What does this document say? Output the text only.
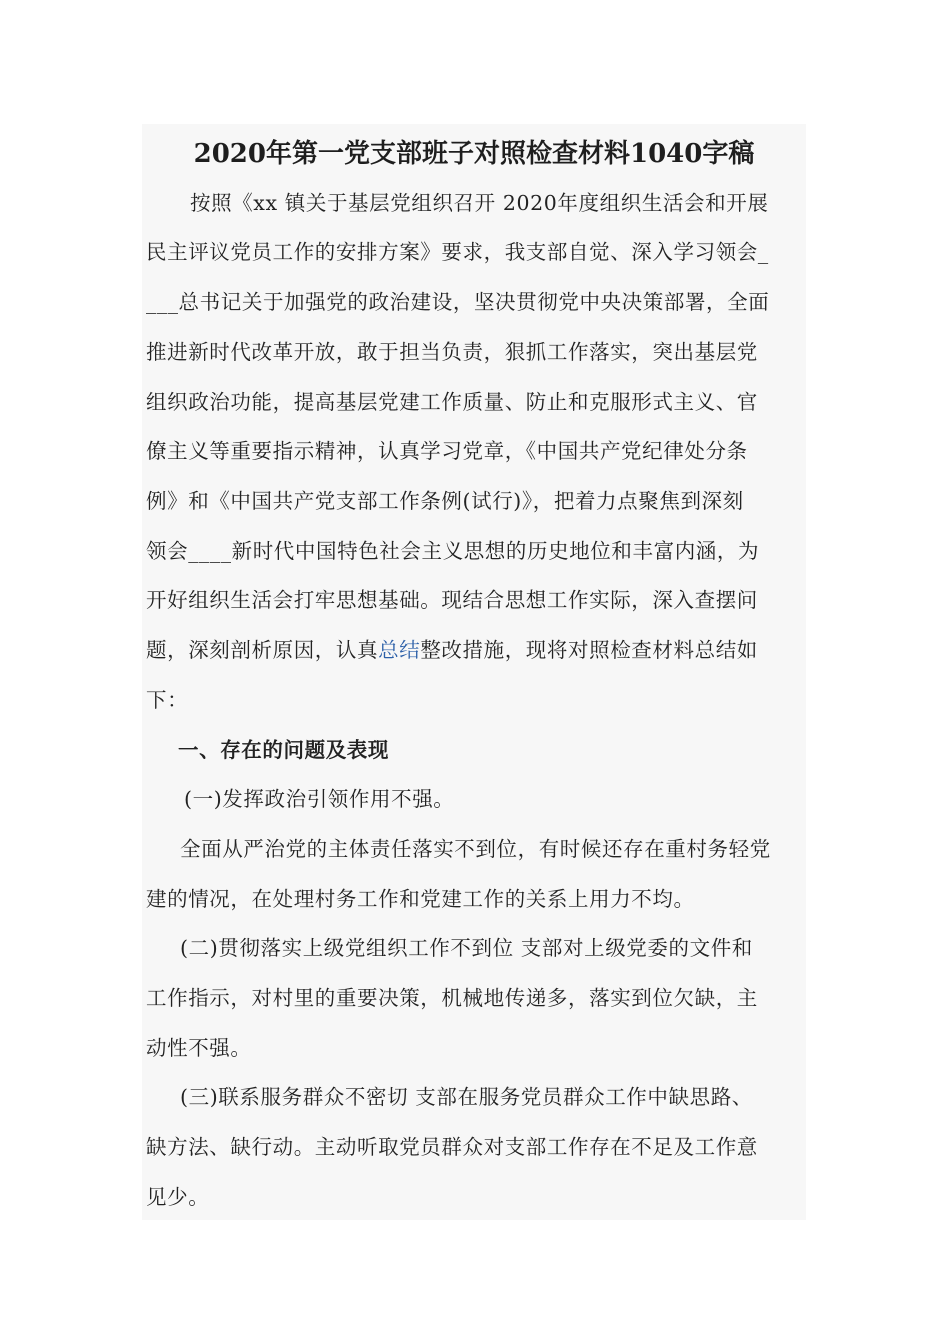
2020年第一党支部班子对照检查材料1040字稿
按照《xx 镇关于基层党组织召开 2020年度组织生活会和开展
民主评议党员工作的安排方案》要求，我支部自觉、深入学习领会_
___总书记关于加强党的政治建设，坚决贯彻党中央决策部署，全面
推进新时代改革开放，敢于担当负责，狠抓工作落实，突出基层党
组织政治功能，提高基层党建工作质量、防止和克服形式主义、官
僚主义等重要指示精神，认真学习党章，《中国共产党纪律处分条
例》和《中国共产党支部工作条例(试行)》，把着力点聚焦到深刻
领会____新时代中国特色社会主义思想的历史地位和丰富内涵，为
开好组织生活会打牢思想基础。现结合思想工作实际，深入查摆问
题，深刻剖析原因，认真总结整改措施，现将对照检查材料总结如
下：
一、存在的问题及表现
(一)发挥政治引领作用不强。
全面从严治党的主体责任落实不到位，有时候还存在重村务轻党
建的情况，在处理村务工作和党建工作的关系上用力不均。
(二)贯彻落实上级党组织工作不到位 支部对上级党委的文件和
工作指示，对村里的重要决策，机械地传递多，落实到位欠缺，主
动性不强。
(三)联系服务群众不密切 支部在服务党员群众工作中缺思路、
缺方法、缺行动。主动听取党员群众对支部工作存在不足及工作意
见少。
